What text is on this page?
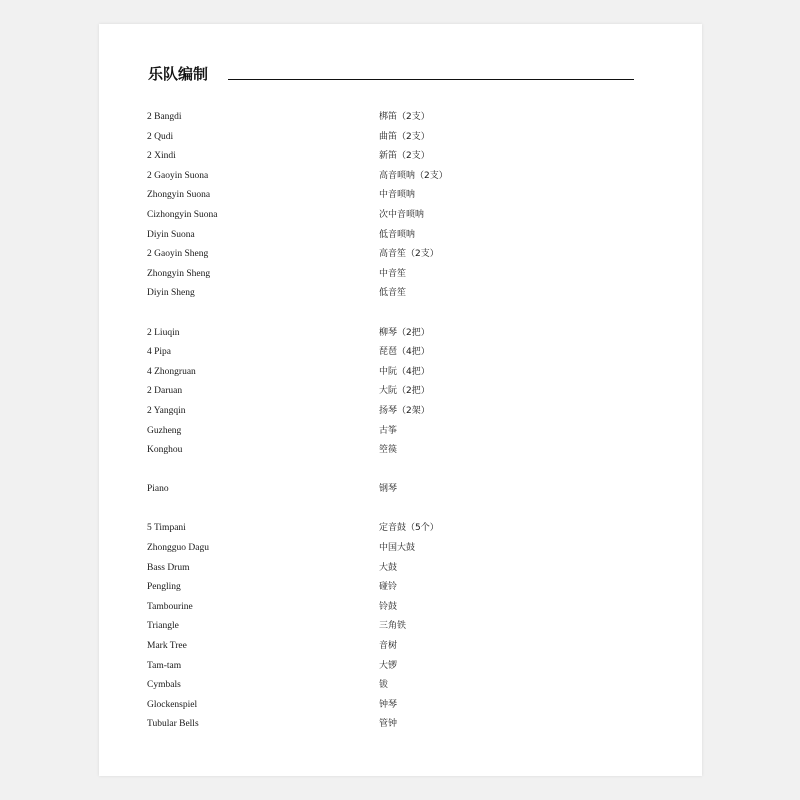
乐队编制
2 Bangdi	梆笛（2支）
2 Qudi	曲笛（2支）
2 Xindi	新笛（2支）
2 Gaoyin Suona	高音唢呐（2支）
Zhongyin Suona	中音唢呐
Cizhongyin Suona	次中音唢呐
Diyin Suona	低音唢呐
2 Gaoyin Sheng	高音笙（2支）
Zhongyin Sheng	中音笙
Diyin Sheng	低音笙
2 Liuqin	柳琴（2把）
4 Pipa	琵琶（4把）
4 Zhongruan	中阮（4把）
2 Daruan	大阮（2把）
2 Yangqin	扬琴（2架）
Guzheng	古筝
Konghou	箜篌
Piano	钢琴
5 Timpani	定音鼓（5个）
Zhongguo Dagu	中国大鼓
Bass Drum	大鼓
Pengling	碰铃
Tambourine	铃鼓
Triangle	三角铁
Mark Tree	音树
Tam-tam	大锣
Cymbals	钹
Glockenspiel	钟琴
Tubular Bells	管钟
